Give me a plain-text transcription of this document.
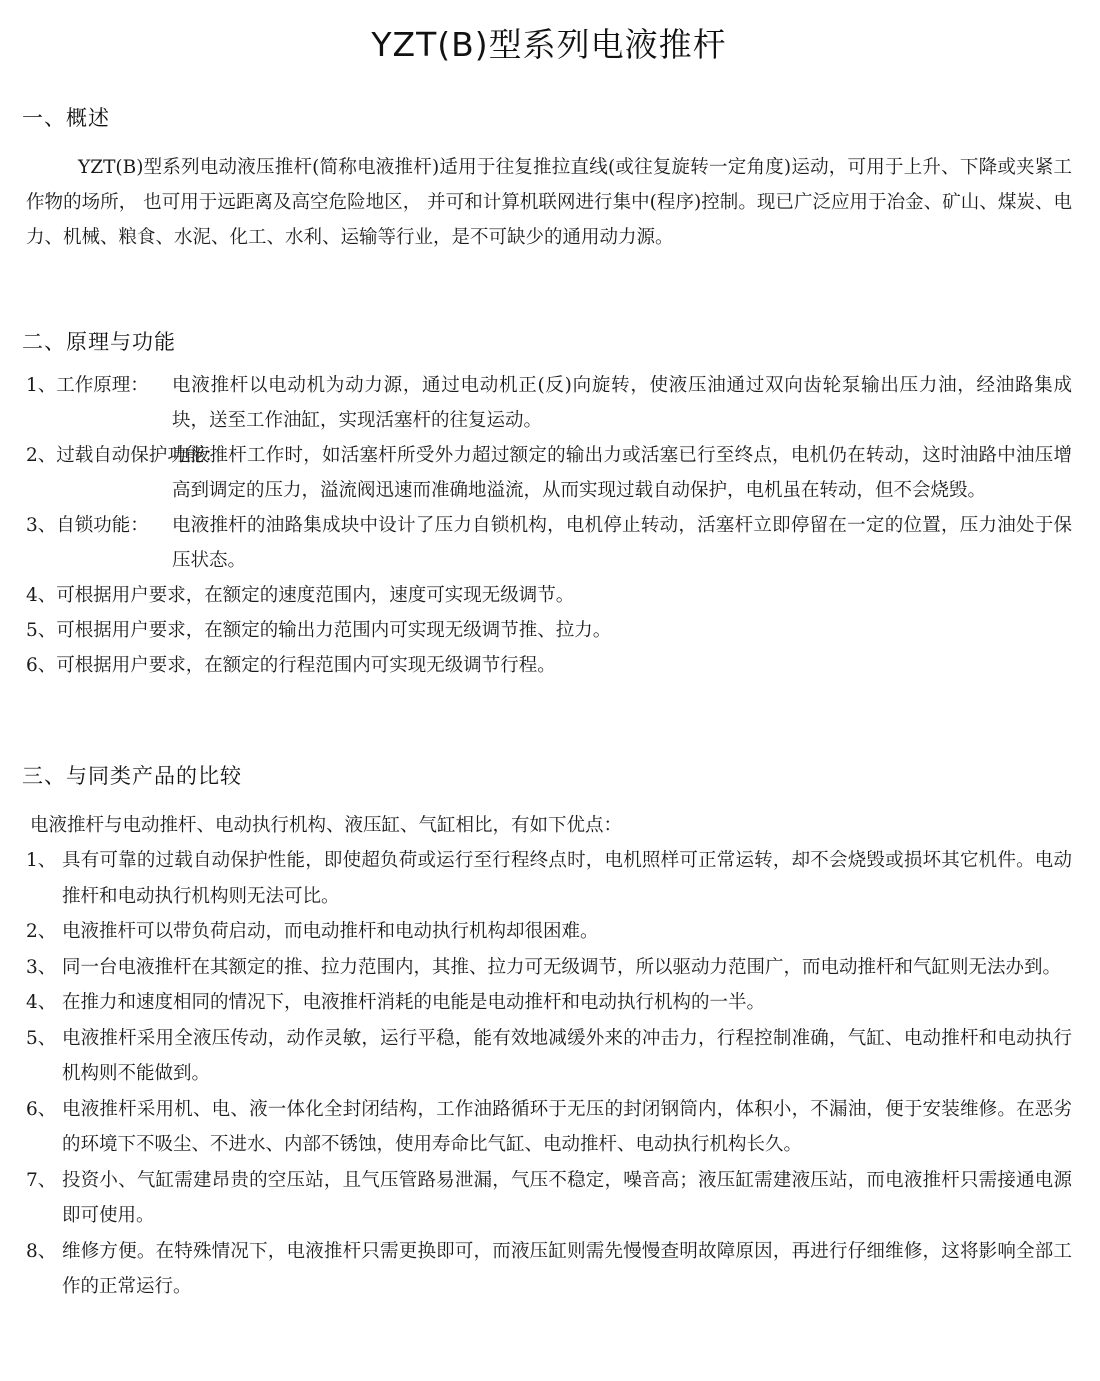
YZT(B)型系列电液推杆
一、概述

YZT(B)型系列电动液压推杆(简称电液推杆)适用于往复推拉直线(或往复旋转一定角度)运动，可用于上升、下降或夹紧工作物的场所， 也可用于远距离及高空危险地区， 并可和计算机联网进行集中(程序)控制。现已广泛应用于冶金、矿山、煤炭、电力、机械、粮食、水泥、化工、水利、运输等行业，是不可缺少的通用动力源。

二、原理与功能
1、工作原理： 电液推杆以电动机为动力源，通过电动机正(反)向旋转，使液压油通过双向齿轮泵输出压力油，经油路集成块，送至工作油缸，实现活塞杆的往复运动。
2、过载自动保护功能：
电液推杆工作时，如活塞杆所受外力超过额定的输出力或活塞已行至终点，电机仍在转动，这时油路中油压增高到调定的压力，溢流阀迅速而准确地溢流，从而实现过载自动保护，电机虽在转动，但不会烧毁。
3、自锁功能： 电液推杆的油路集成块中设计了压力自锁机构，电机停止转动，活塞杆立即停留在一定的位置，压力油处于保压状态。
4、可根据用户要求，在额定的速度范围内，速度可实现无级调节。
5、可根据用户要求，在额定的输出力范围内可实现无级调节推、拉力。
6、可根据用户要求，在额定的行程范围内可实现无级调节行程。
三、与同类产品的比较

电液推杆与电动推杆、电动执行机构、液压缸、气缸相比，有如下优点：

1、 具有可靠的过载自动保护性能，即使超负荷或运行至行程终点时，电机照样可正常运转，却不会烧毁或损坏其它机件。电动推杆和电动执行机构则无法可比。
2、 电液推杆可以带负荷启动，而电动推杆和电动执行机构却很困难。
3、 同一台电液推杆在其额定的推、拉力范围内，其推、拉力可无级调节，所以驱动力范围广，而电动推杆和气缸则无法办到。
4、 在推力和速度相同的情况下，电液推杆消耗的电能是电动推杆和电动执行机构的一半。
5、 电液推杆采用全液压传动，动作灵敏，运行平稳，能有效地减缓外来的冲击力，行程控制准确，气缸、电动推杆和电动执行机构则不能做到。
6、 电液推杆采用机、电、液一体化全封闭结构，工作油路循环于无压的封闭钢筒内，体积小，不漏油，便于安装维修。在恶劣的环境下不吸尘、不进水、内部不锈蚀，使用寿命比气缸、电动推杆、电动执行机构长久。
7、 投资小、气缸需建昂贵的空压站，且气压管路易泄漏，气压不稳定，噪音高；液压缸需建液压站，而电液推杆只需接通电源即可使用。
8、 维修方便。在特殊情况下，电液推杆只需更换即可，而液压缸则需先慢慢查明故障原因，再进行仔细维修，这将影响全部工作的正常运行。
